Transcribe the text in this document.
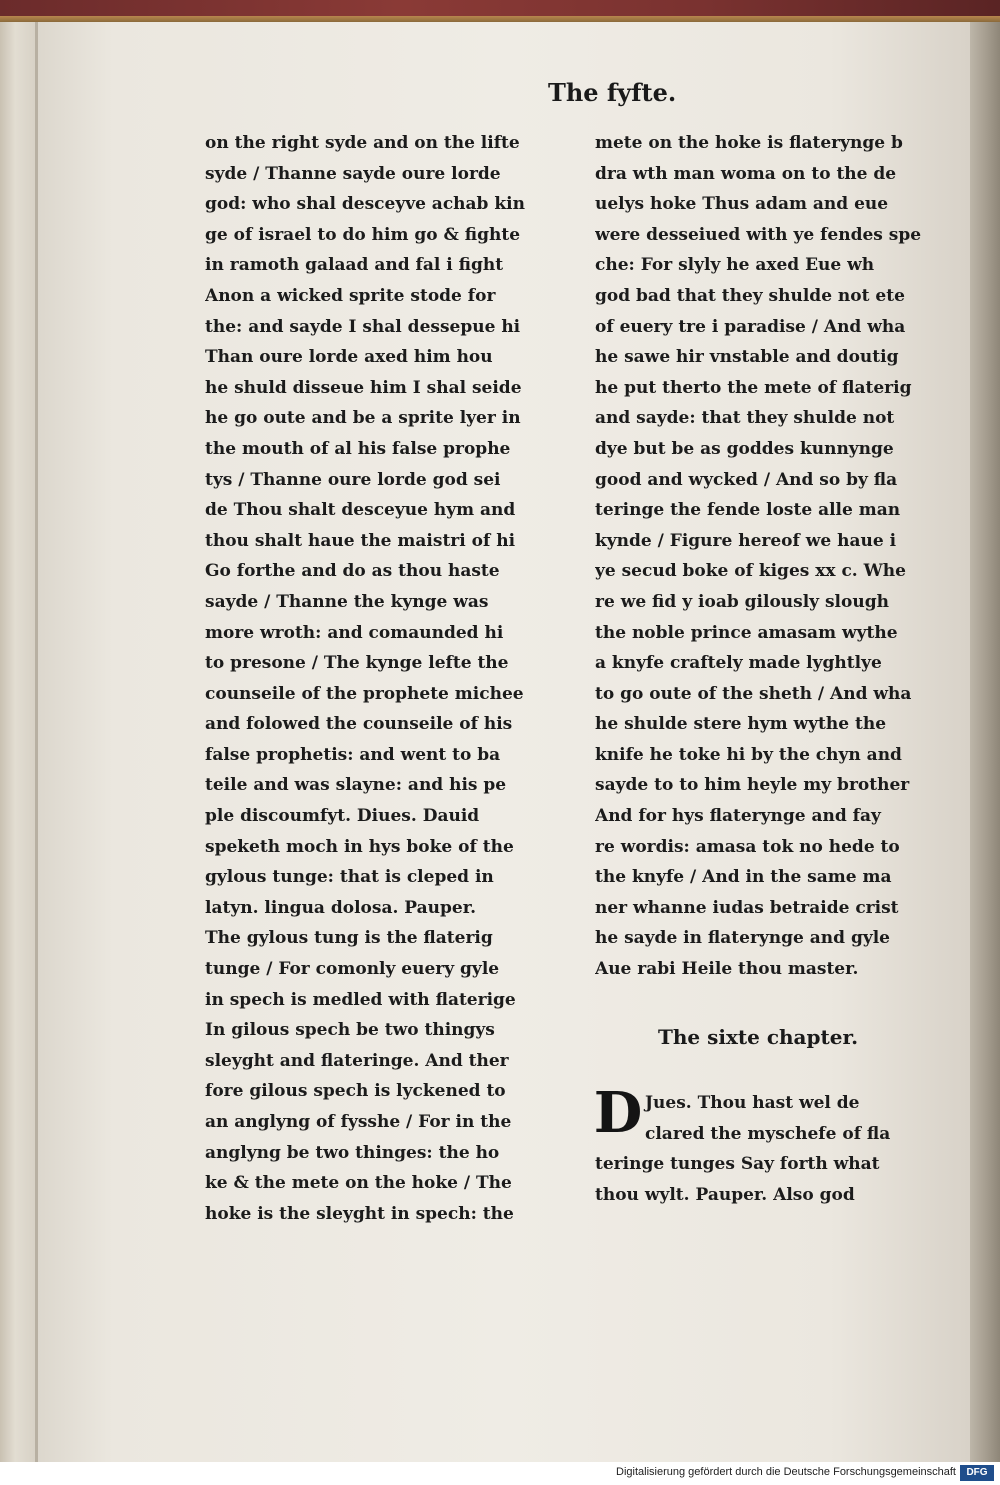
The fyfte.
on the right syde and on the lifte
syde / Thanne sayde oure lorde
god: who shal desceyve achab kin
ge of israel to do him go & fighte
in ramoth galaad and fal i fight
Anon a wicked sprite stode for
the: and sayde I shal dessepue hi
Than oure lorde axed him hou
he shuld disseue him I shal seide
he go oute and be a sprite lyer in
the mouth of al his false prophe
tys / Thanne oure lorde god sei
de Thou shalt desceyue hym and
thou shalt haue the maistri of hi
Go forthe and do as thou haste
sayde / Thanne the kynge was
more wroth: and comaunded hi
to presone / The kynge lefte the
counseile of the prophete michee
and folowed the counseile of his
false prophetis: and went to ba
teile and was slayne: and his pe
ple discoumfyt. Diues. Dauid
speketh moch in hys boke of the
gylous tunge: that is cleped in
latyn. lingua dolosa. Pauper.
The gylous tung is the flaterig
tunge / For comonly euery gyle
in spech is medled with flaterige
In gilous spech be two thingys
sleyght and flateringe. And ther
fore gilous spech is lyckened to
an anglyng of fysshe / For in the
anglyng be two thinges: the ho
ke & the mete on the hoke / The
hoke is the sleyght in spech: the
mete on the hoke is flaterynge b
dra wth man woma on to the de
uelys hoke Thus adam and eue
were desseiued with ye fendes spe
che: For slyly he axed Eue wh
god bad that they shulde not ete
of euery tre i paradise / And wha
he sawe hir vnstable and doutig
he put therto the mete of flaterig
and sayde: that they shulde not
dye but be as goddes kunnynge
good and wycked / And so by fla
teringe the fende loste alle man
kynde / Figure hereof we haue i
ye secud boke of kiges xx c. Whe
re we fid y ioab gilously slough
the noble prince amasam wythe
a knyfe craftely made lyghtlye
to go oute of the sheth / And wha
he shulde stere hym wythe the
knife he toke hi by the chyn and
sayde to to him heyle my brother
And for hys flaterynge and fay
re wordis: amasa tok no hede to
the knyfe / And in the same ma
ner whanne iudas betraide crist
he sayde in flaterynge and gyle
Aue rabi Heile thou master.
The sixte chapter.
D Jues. Thou hast wel de
clared the myschefe of fla
teringe tunges Say forth what
thou wylt. Pauper. Also god
Digitalisierung gefördert durch die Deutsche Forschungsgemeinschaft	DFG
